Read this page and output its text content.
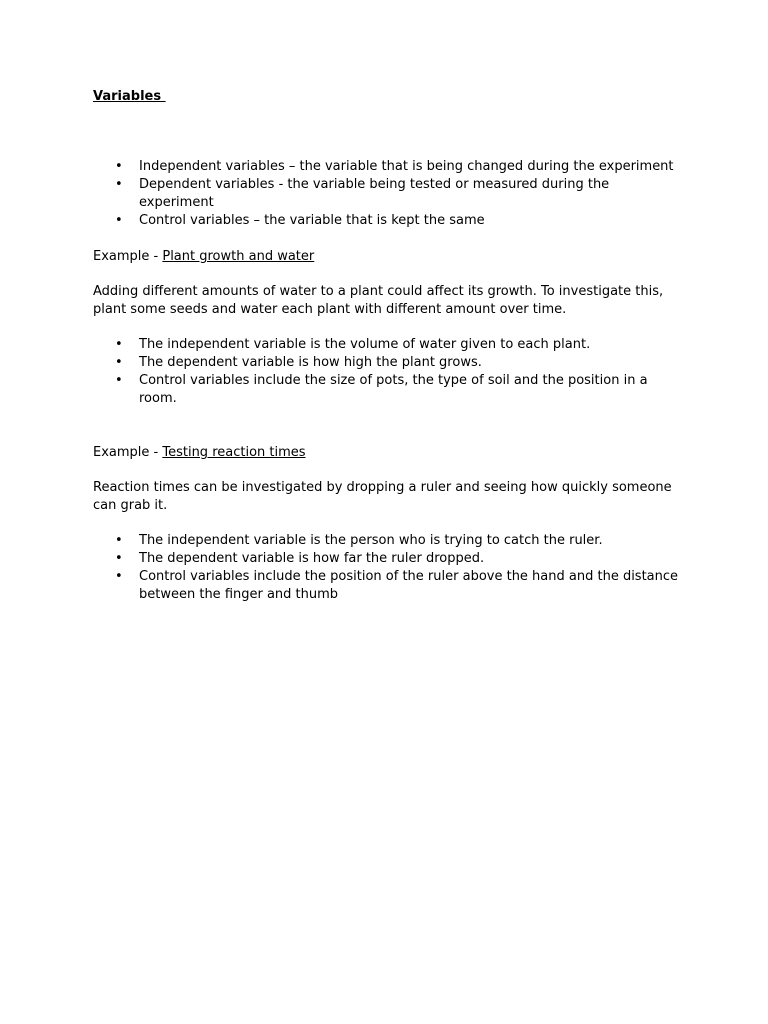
Variables
• Independent variables – the variable that is being changed during the experiment
• Dependent variables - the variable being tested or measured during the experiment
• Control variables – the variable that is kept the same
Example - Plant growth and water

Adding different amounts of water to a plant could affect its growth. To investigate this, plant some seeds and water each plant with different amount over time.

• The independent variable is the volume of water given to each plant.
• The dependent variable is how high the plant grows.
• Control variables include the size of pots, the type of soil and the position in a room.
Example - Testing reaction times

Reaction times can be investigated by dropping a ruler and seeing how quickly someone can grab it.

• The independent variable is the person who is trying to catch the ruler.
• The dependent variable is how far the ruler dropped.
• Control variables include the position of the ruler above the hand and the distance between the finger and thumb
